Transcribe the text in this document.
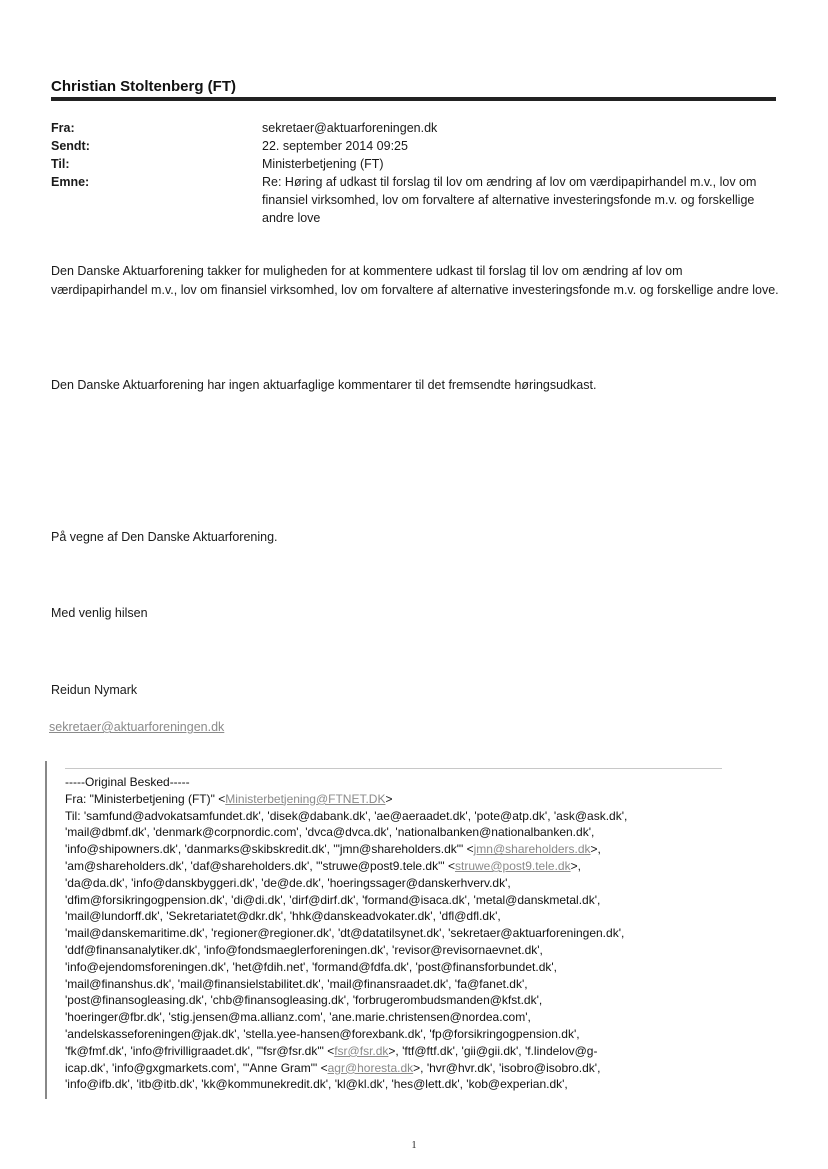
Christian Stoltenberg (FT)
Fra:	sekretaer@aktuarforeningen.dk
Sendt:	22. september 2014 09:25
Til:	Ministerbetjening (FT)
Emne:	Re: Høring af udkast til forslag til lov om ændring af lov om værdipapirhandel m.v., lov om finansiel virksomhed, lov om forvaltere af alternative investeringsfonde m.v. og forskellige andre love

Den Danske Aktuarforening takker for muligheden for at kommentere udkast til forslag til lov om ændring af lov om værdipapirhandel m.v., lov om finansiel virksomhed, lov om forvaltere af alternative investeringsfonde m.v. og forskellige andre love.

Den Danske Aktuarforening har ingen aktuarfaglige kommentarer til det fremsendte høringsudkast.

På vegne af Den Danske Aktuarforening.

Med venlig hilsen

Reidun Nymark

sekretaer@aktuarforeningen.dk
-----Original Besked-----
Fra: "Ministerbetjening (FT)" <Ministerbetjening@FTNET.DK>
Til: 'samfund@advokatsamfundet.dk', 'disek@dabank.dk', 'ae@aeraadet.dk', 'pote@atp.dk', 'ask@ask.dk',
'mail@dbmf.dk', 'denmark@corpnordic.com', 'dvca@dvca.dk', 'nationalbanken@nationalbanken.dk',
'info@shipowners.dk', 'danmarks@skibskredit.dk', '"jmn@shareholders.dk"' <jmn@shareholders.dk>,
'am@shareholders.dk', 'daf@shareholders.dk', '"struwe@post9.tele.dk"' <struwe@post9.tele.dk>,
'da@da.dk', 'info@danskbyggeri.dk', 'de@de.dk', 'hoeringssager@danskerhverv.dk',
'dfim@forsikringogpension.dk', 'di@di.dk', 'dirf@dirf.dk', 'formand@isaca.dk', 'metal@danskmetal.dk',
'mail@lundorff.dk', 'Sekretariatet@dkr.dk', 'hhk@danskeadvokater.dk', 'dfl@dfl.dk',
'mail@danskemaritime.dk', 'regioner@regioner.dk', 'dt@datatilsynet.dk', 'sekretaer@aktuarforeningen.dk',
'ddf@finansanalytiker.dk', 'info@fondsmaeglerforeningen.dk', 'revisor@revisornaevnet.dk',
'info@ejendomsforeningen.dk', 'het@fdih.net', 'formand@fdfa.dk', 'post@finansforbundet.dk',
'mail@finanshus.dk', 'mail@finansielstabilitet.dk', 'mail@finansraadet.dk', 'fa@fanet.dk',
'post@finansogleasing.dk', 'chb@finansogleasing.dk', 'forbrugerombudsmanden@kfst.dk',
'hoeringer@fbr.dk', 'stig.jensen@ma.allianz.com', 'ane.marie.christensen@nordea.com',
'andelskasseforeningen@jak.dk', 'stella.yee-hansen@forexbank.dk', 'fp@forsikringogpension.dk',
'fk@fmf.dk', 'info@frivilligraadet.dk', '"fsr@fsr.dk"' <fsr@fsr.dk>, 'ftf@ftf.dk', 'gii@gii.dk', 'f.lindelov@g-
icap.dk', 'info@gxgmarkets.com', '"Anne Gram"' <agr@horesta.dk>, 'hvr@hvr.dk', 'isobro@isobro.dk',
'info@ifb.dk', 'itb@itb.dk', 'kk@kommunekredit.dk', 'kl@kl.dk', 'hes@lett.dk', 'kob@experian.dk',
1
